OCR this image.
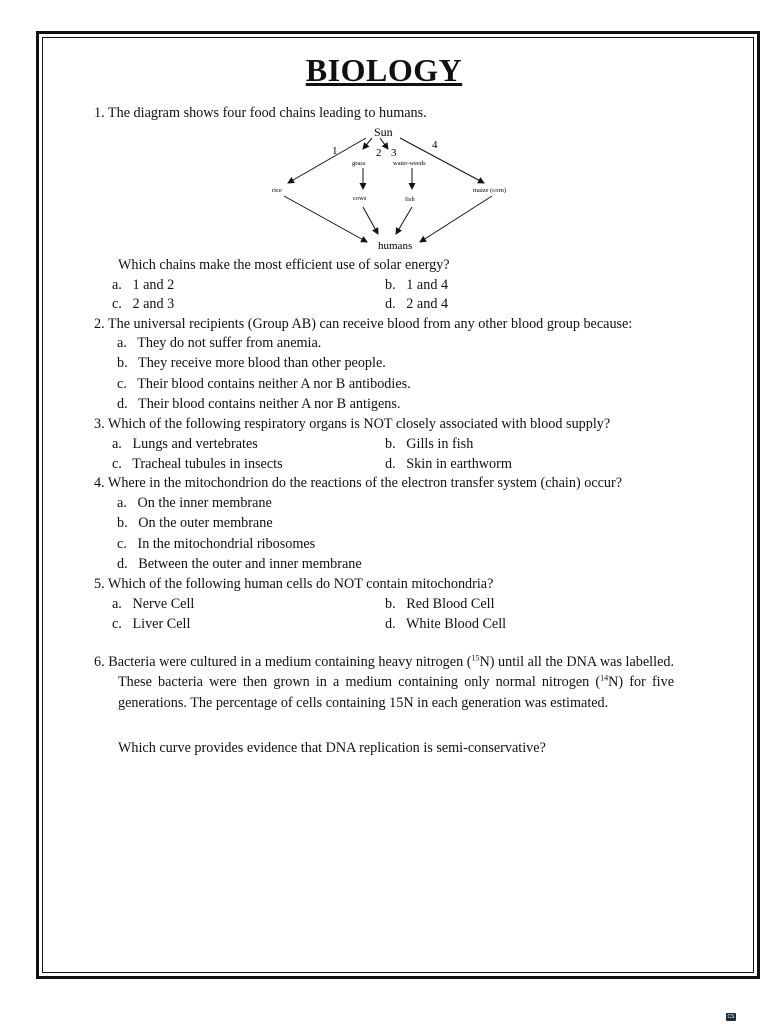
BIOLOGY
1. The diagram shows four food chains leading to humans.
Sun
1	2 3
4
grass	water-weeds
rice
cows	fish
maize (corn)
humans
Which chains make the most efficient use of solar energy?
a.   1 and 2	b.   1 and 4
c.   2 and 3	d.   2 and 4
2. The universal recipients (Group AB) can receive blood from any other blood group because:
a.   They do not suffer from anemia.
b.   They receive more blood than other people.
c.   Their blood contains neither A nor B antibodies.
d.   Their blood contains neither A nor B antigens.
3. Which of the following respiratory organs is NOT closely associated with blood supply?
a.   Lungs and vertebrates	b.   Gills in fish
c.   Tracheal tubules in insects	d.   Skin in earthworm
4. Where in the mitochondrion do the reactions of the electron transfer system (chain) occur?
a.   On the inner membrane
b.   On the outer membrane
c.   In the mitochondrial ribosomes
d.   Between the outer and inner membrane
5. Which of the following human cells do NOT contain mitochondria?
a.   Nerve Cell	b.   Red Blood Cell
c.   Liver Cell	d.   White Blood Cell
6. Bacteria were cultured in a medium containing heavy nitrogen ($^{15}$N) until all the DNA was labelled. These bacteria were then grown in a medium containing only normal nitrogen ($^{14}$N) for five generations. The percentage of cells containing 15N in each generation was estimated.
Which curve provides evidence that DNA replication is semi-conservative?
CS
